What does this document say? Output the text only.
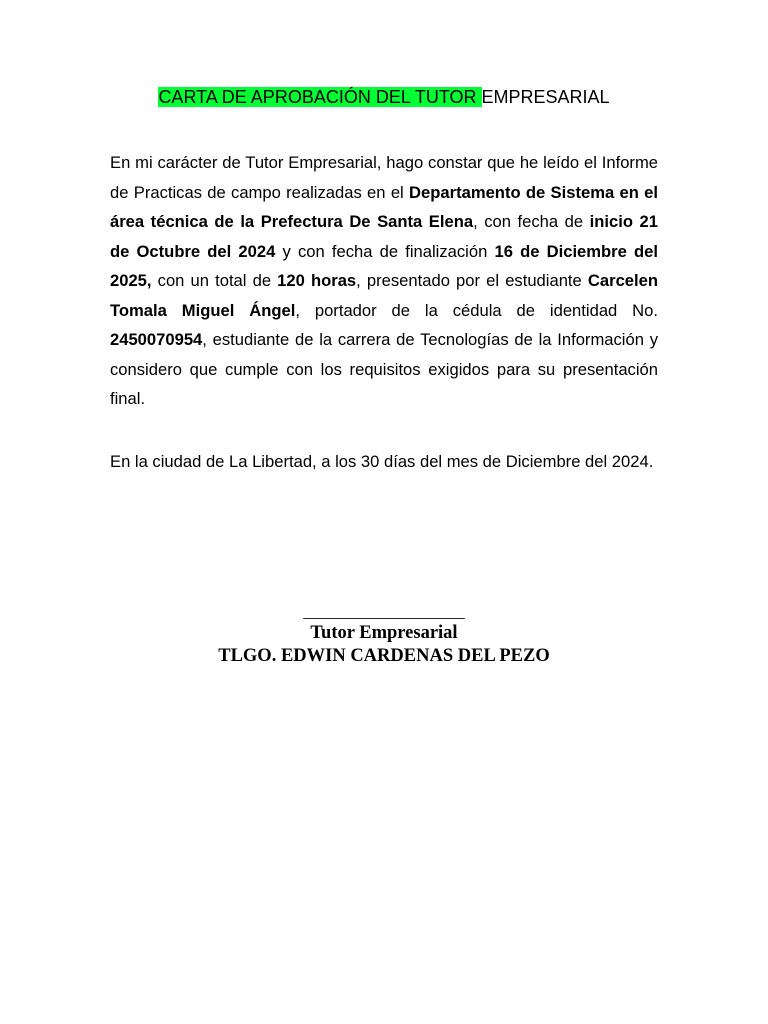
CARTA DE APROBACIÓN DEL TUTOR EMPRESARIAL

En mi carácter de Tutor Empresarial, hago constar que he leído el Informe de Practicas de campo realizadas en el Departamento de Sistema en el área técnica de la Prefectura De Santa Elena, con fecha de inicio 21 de Octubre del 2024 y con fecha de finalización 16 de Diciembre del 2025, con un total de 120 horas, presentado por el estudiante Carcelen Tomala Miguel Ángel, portador de la cédula de identidad No. 2450070954, estudiante de la carrera de Tecnologías de la Información y considero que cumple con los requisitos exigidos para su presentación final.

En la ciudad de La Libertad, a los 30 días del mes de Diciembre del 2024.

___________________
Tutor Empresarial
TLGO. EDWIN CARDENAS DEL PEZO
